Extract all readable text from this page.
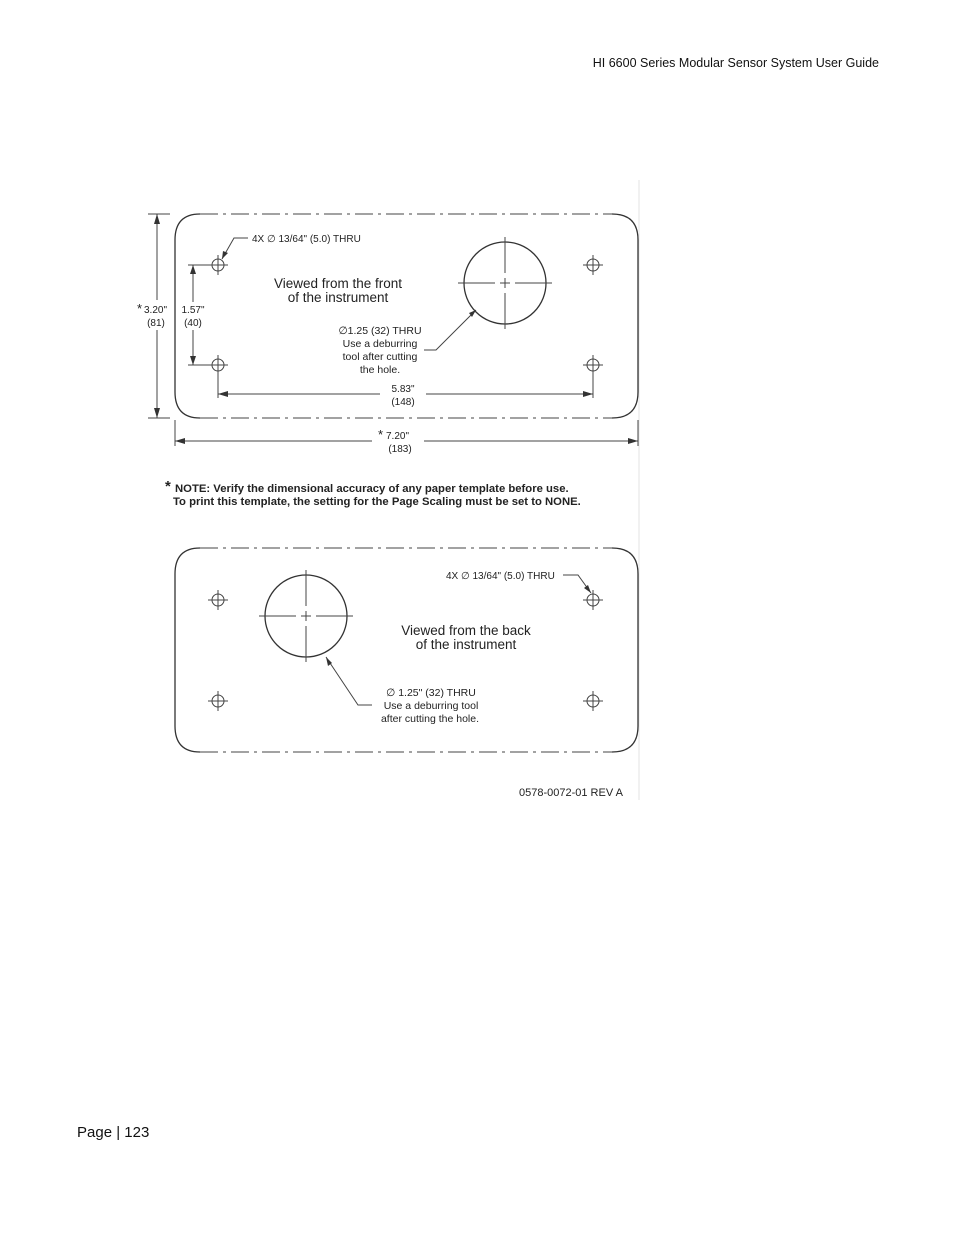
HI 6600 Series Modular Sensor System User Guide
4X ∅ 13/64" (5.0) THRU
Viewed from the front
of the instrument
∅1.25 (32) THRU
Use a deburring
tool after cutting
the hole.
* 3.20"
(81)
1.57"
(40)
5.83"
(148)
* 7.20"
(183)
* NOTE: Verify the dimensional accuracy of any paper template before use.
To print this template, the setting for the Page Scaling must be set to NONE.
4X ∅ 13/64" (5.0) THRU
Viewed from the back
of the instrument
∅ 1.25" (32) THRU
Use a deburring tool
after cutting the hole.
0578-0072-01 REV A
Page | 123
